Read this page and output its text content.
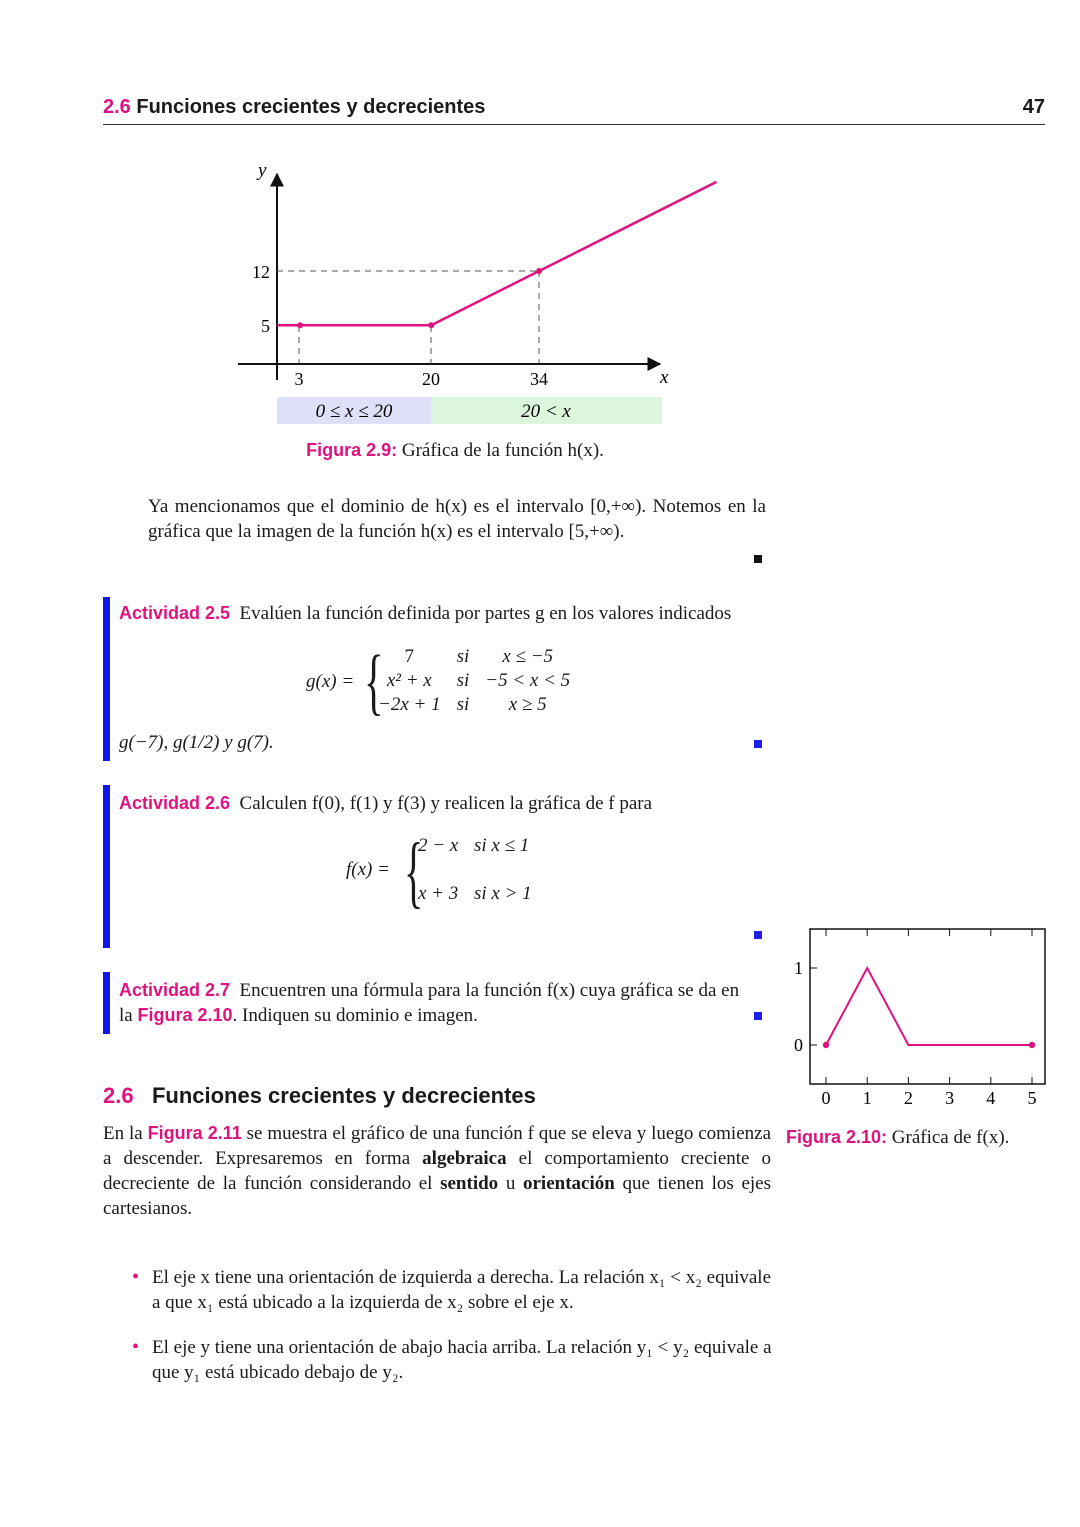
2.6 Funciones crecientes y decrecientes	47
0 ≤ x ≤ 20	20 < x
x
y
12
5
3	20	34
Figura 2.9: Gráfica de la función h(x).
Ya mencionamos que el dominio de h(x) es el intervalo [0,+∞). Notemos en la gráfica que la imagen de la función h(x) es el intervalo [5,+∞).
Actividad 2.5 Evalúen la función definida por partes g en los valores indicados
g(x) = { 7	si	x ≤ −5
x² + x	si	−5 < x < 5
−2x + 1	si	x ≥ 5
g(−7), g(1/2) y g(7).
Actividad 2.6 Calculen f(0), f(1) y f(3) y realicen la gráfica de f para
f(x) = {
2 − x si x ≤ 1
x + 3 si x > 1
Actividad 2.7 Encuentren una fórmula para la función f(x) cuya gráfica se da en
la Figura 2.10. Indiquen su dominio e imagen.
0 1 2 3 4 5
1
0
Figura 2.10: Gráfica de f(x).
2.6 Funciones crecientes y decrecientes
En la Figura 2.11 se muestra el gráfico de una función f que se eleva y luego comienza a descender. Expresaremos en forma algebraica el comportamiento creciente o decreciente de la función considerando el sentido u orientación que tienen los ejes cartesianos.
• El eje x tiene una orientación de izquierda a derecha. La relación x₁ < x₂ equivale a que x₁ está ubicado a la izquierda de x₂ sobre el eje x.
• El eje y tiene una orientación de abajo hacia arriba. La relación y₁ < y₂ equivale a que y₁ está ubicado debajo de y₂.
